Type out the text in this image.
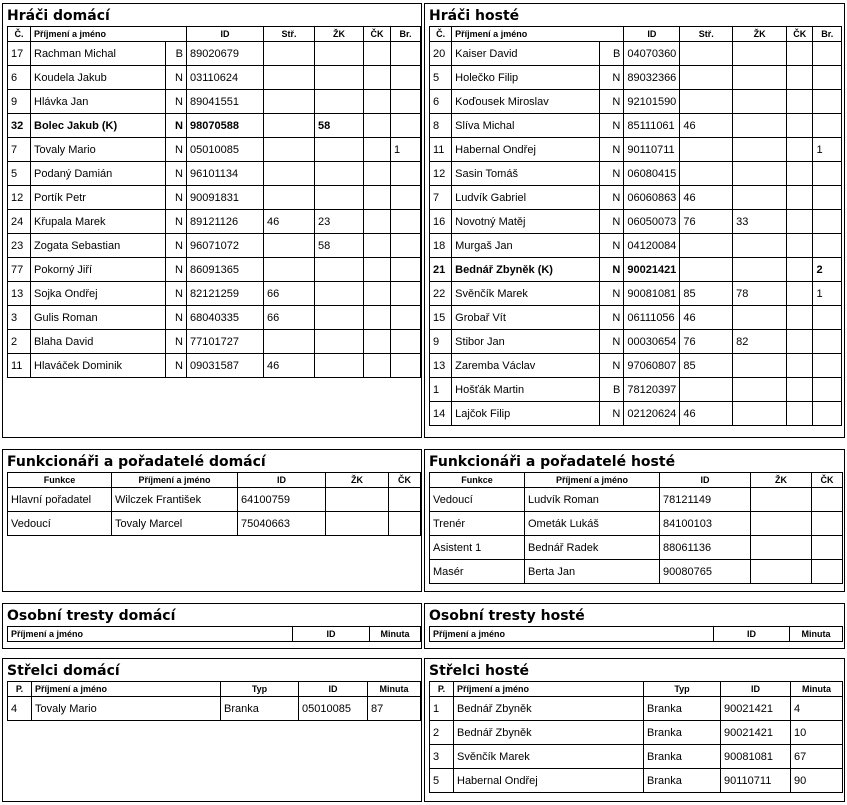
Hráči domácí
Č.	Příjmení a jméno		ID	Stř.	ŽK	ČK	Br.
17	Rachman Michal	B	89020679				
6	Koudela Jakub	N	03110624				
9	Hlávka Jan	N	89041551				
32	Bolec Jakub (K)	N	98070588		58		
7	Tovaly Mario	N	05010085				1
5	Podaný Damián	N	96101134				
12	Portík Petr	N	90091831				
24	Křupala Marek	N	89121126	46	23		
23	Zogata Sebastian	N	96071072		58		
77	Pokorný Jiří	N	86091365				
13	Sojka Ondřej	N	82121259	66			
3	Gulis Roman	N	68040335	66			
2	Blaha David	N	77101727				
11	Hlaváček Dominik	N	09031587	46			
Hráči hosté
Č.	Příjmení a jméno		ID	Stř.	ŽK	ČK	Br.
20	Kaiser David	B	04070360				
5	Holečko Filip	N	89032366				
6	Koďousek Miroslav	N	92101590				
8	Slíva Michal	N	85111061	46			
11	Habernal Ondřej	N	90110711				1
12	Sasin Tomáš	N	06080415				
7	Ludvík Gabriel	N	06060863	46			
16	Novotný Matěj	N	06050073	76	33		
18	Murgaš Jan	N	04120084				
21	Bednář Zbyněk (K)	N	90021421				2
22	Svěnčík Marek	N	90081081	85	78		1
15	Grobař Vít	N	06111056	46			
9	Stibor Jan	N	00030654	76	82		
13	Zaremba Václav	N	97060807	85			
1	Hošťák Martin	B	78120397				
14	Lajčok Filip	N	02120624	46			
Funkcionáři a pořadatelé domácí
Funkce	Příjmení a jméno	ID	ŽK	ČK
Hlavní pořadatel	Wilczek František	64100759		
Vedoucí	Tovaly Marcel	75040663		
Funkcionáři a pořadatelé hosté
Funkce	Příjmení a jméno	ID	ŽK	ČK
Vedoucí	Ludvík Roman	78121149		
Trenér	Ometák Lukáš	84100103		
Asistent 1	Bednář Radek	88061136		
Masér	Berta Jan	90080765		
Osobní tresty domácí
Příjmení a jméno	ID	Minuta
Osobní tresty hosté
Příjmení a jméno	ID	Minuta
Střelci domácí
P.	Příjmení a jméno	Typ	ID	Minuta
4	Tovaly Mario	Branka	05010085	87
Střelci hosté
P.	Příjmení a jméno	Typ	ID	Minuta
1	Bednář Zbyněk	Branka	90021421	4
2	Bednář Zbyněk	Branka	90021421	10
3	Svěnčík Marek	Branka	90081081	67
5	Habernal Ondřej	Branka	90110711	90
